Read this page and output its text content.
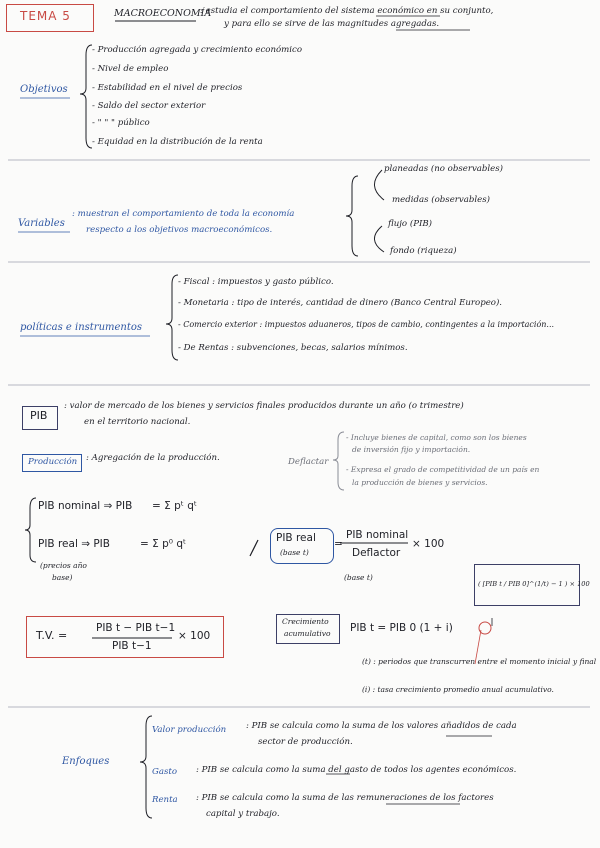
TEMA 5	MACROECONOMÍA
: estudia el comportamiento del sistema económico en su conjunto,
y para ello se sirve de las magnitudes agregadas.
Objetivos
- Producción agregada y crecimiento económico
- Nivel de empleo
- Estabilidad en el nivel de precios
- Saldo del sector exterior
- " " " público
- Equidad en la distribución de la renta
Variables
: muestran el comportamiento de toda la economía
respecto a los objetivos macroeconómicos.
planeadas (no observables)
medidas (observables)
flujo (PIB)
fondo (riqueza)
políticas e instrumentos
- Fiscal : impuestos y gasto público.
- Monetaria : tipo de interés, cantidad de dinero (Banco Central Europeo).
- Comercio exterior : impuestos aduaneros, tipos de cambio, contingentes a la importación...
- De Rentas : subvenciones, becas, salarios mínimos.
PIB
: valor de mercado de los bienes y servicios finales producidos durante un año (o trimestre)
en el territorio nacional.
Producción : Agregación de la producción.	Deflactar
- Incluye bienes de capital, como son los bienes
de inversión fijo y importación.
- Expresa el grado de competitividad de un país en
la producción de bienes y servicios.
PIB nominal ⇒ PIB = Σ pᵗ qᵗ
PIB real ⇒ PIB	= Σ p⁰ qᵗ
(precios año
base)
PIB real
(base t)
=
PIB nominal
Deflactor
× 100
(base t)
T.V. =
PIB t − PIB t−1
PIB t−1
× 100
Crecimiento
acumulativo PIB t = PIB 0 (1 + i)
( [PIB t / PIB 0]^(1/t) − 1 ) × 100
(t) : periodos que transcurren entre el momento inicial y final
(i) : tasa crecimiento promedio anual acumulativo.
Enfoques
Valor producción : PIB se calcula como la suma de los valores añadidos de cada
sector de producción.
Gasto : PIB se calcula como la suma del gasto de todos los agentes económicos.
Renta : PIB se calcula como la suma de las remuneraciones de los factores
capital y trabajo.
